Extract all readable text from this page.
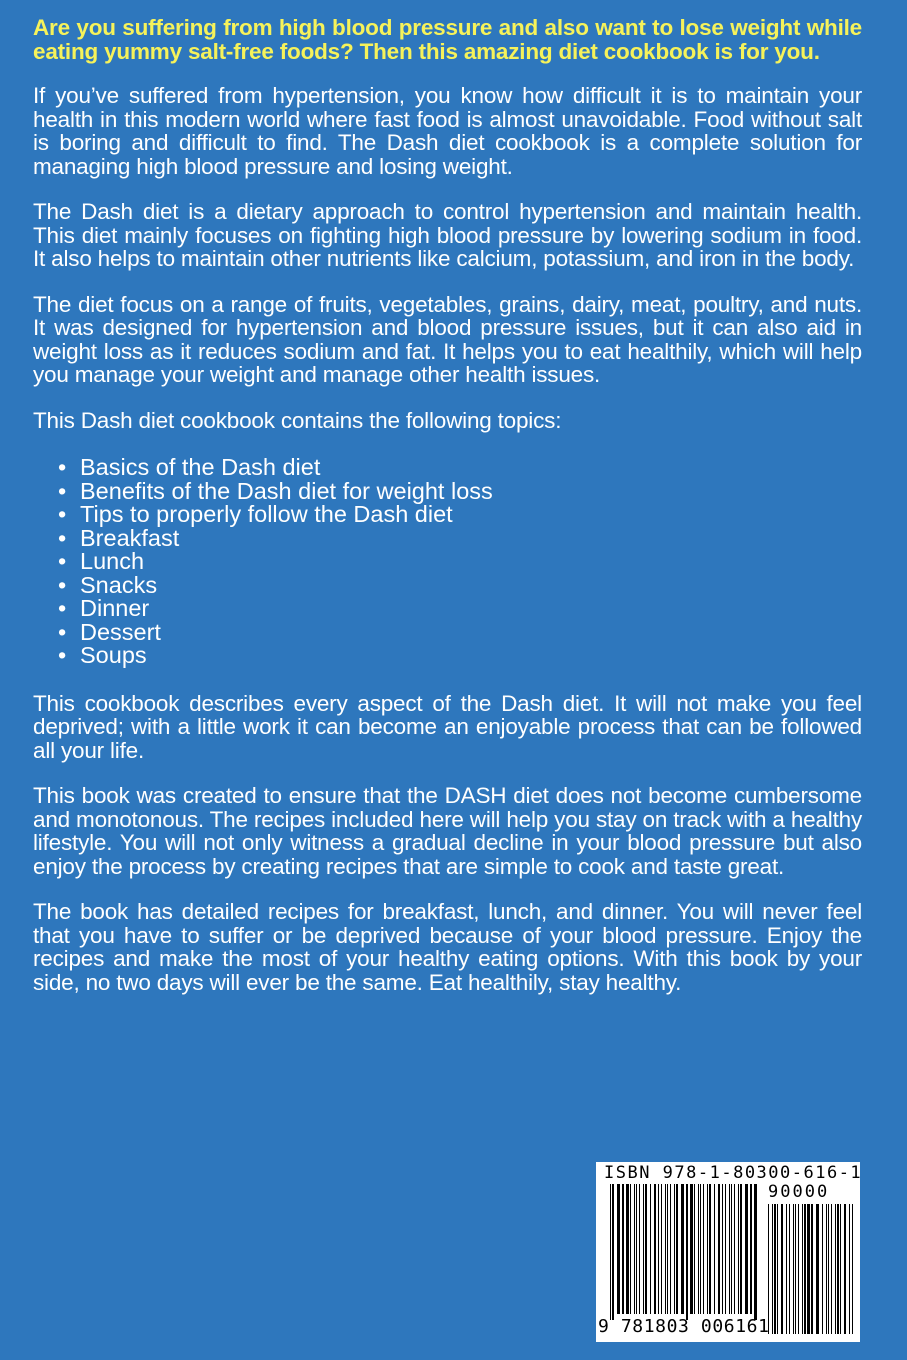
Are you suffering from high blood pressure and also want to lose weight while eating yummy salt-free foods? Then this amazing diet cookbook is for you.

If you’ve suffered from hypertension, you know how difficult it is to maintain your health in this modern world where fast food is almost unavoidable. Food without salt is boring and difficult to find. The Dash diet cookbook is a complete solution for managing high blood pressure and losing weight.

The Dash diet is a dietary approach to control hypertension and maintain health. This diet mainly focuses on fighting high blood pressure by lowering sodium in food. It also helps to maintain other nutrients like calcium, potassium, and iron in the body.

The diet focus on a range of fruits, vegetables, grains, dairy, meat, poultry, and nuts. It was designed for hypertension and blood pressure issues, but it can also aid in weight loss as it reduces sodium and fat. It helps you to eat healthily, which will help you manage your weight and manage other health issues.

This Dash diet cookbook contains the following topics:

• Basics of the Dash diet
• Benefits of the Dash diet for weight loss
• Tips to properly follow the Dash diet
• Breakfast
• Lunch
• Snacks
• Dinner
• Dessert
• Soups

This cookbook describes every aspect of the Dash diet. It will not make you feel deprived; with a little work it can become an enjoyable process that can be followed all your life.

This book was created to ensure that the DASH diet does not become cumbersome and monotonous. The recipes included here will help you stay on track with a healthy lifestyle. You will not only witness a gradual decline in your blood pressure but also enjoy the process by creating recipes that are simple to cook and taste great.

The book has detailed recipes for breakfast, lunch, and dinner. You will never feel that you have to suffer or be deprived because of your blood pressure. Enjoy the recipes and make the most of your healthy eating options. With this book by your side, no two days will ever be the same. Eat healthily, stay healthy.

ISBN 978-1-80300-616-1
90000
9 781803 006161
